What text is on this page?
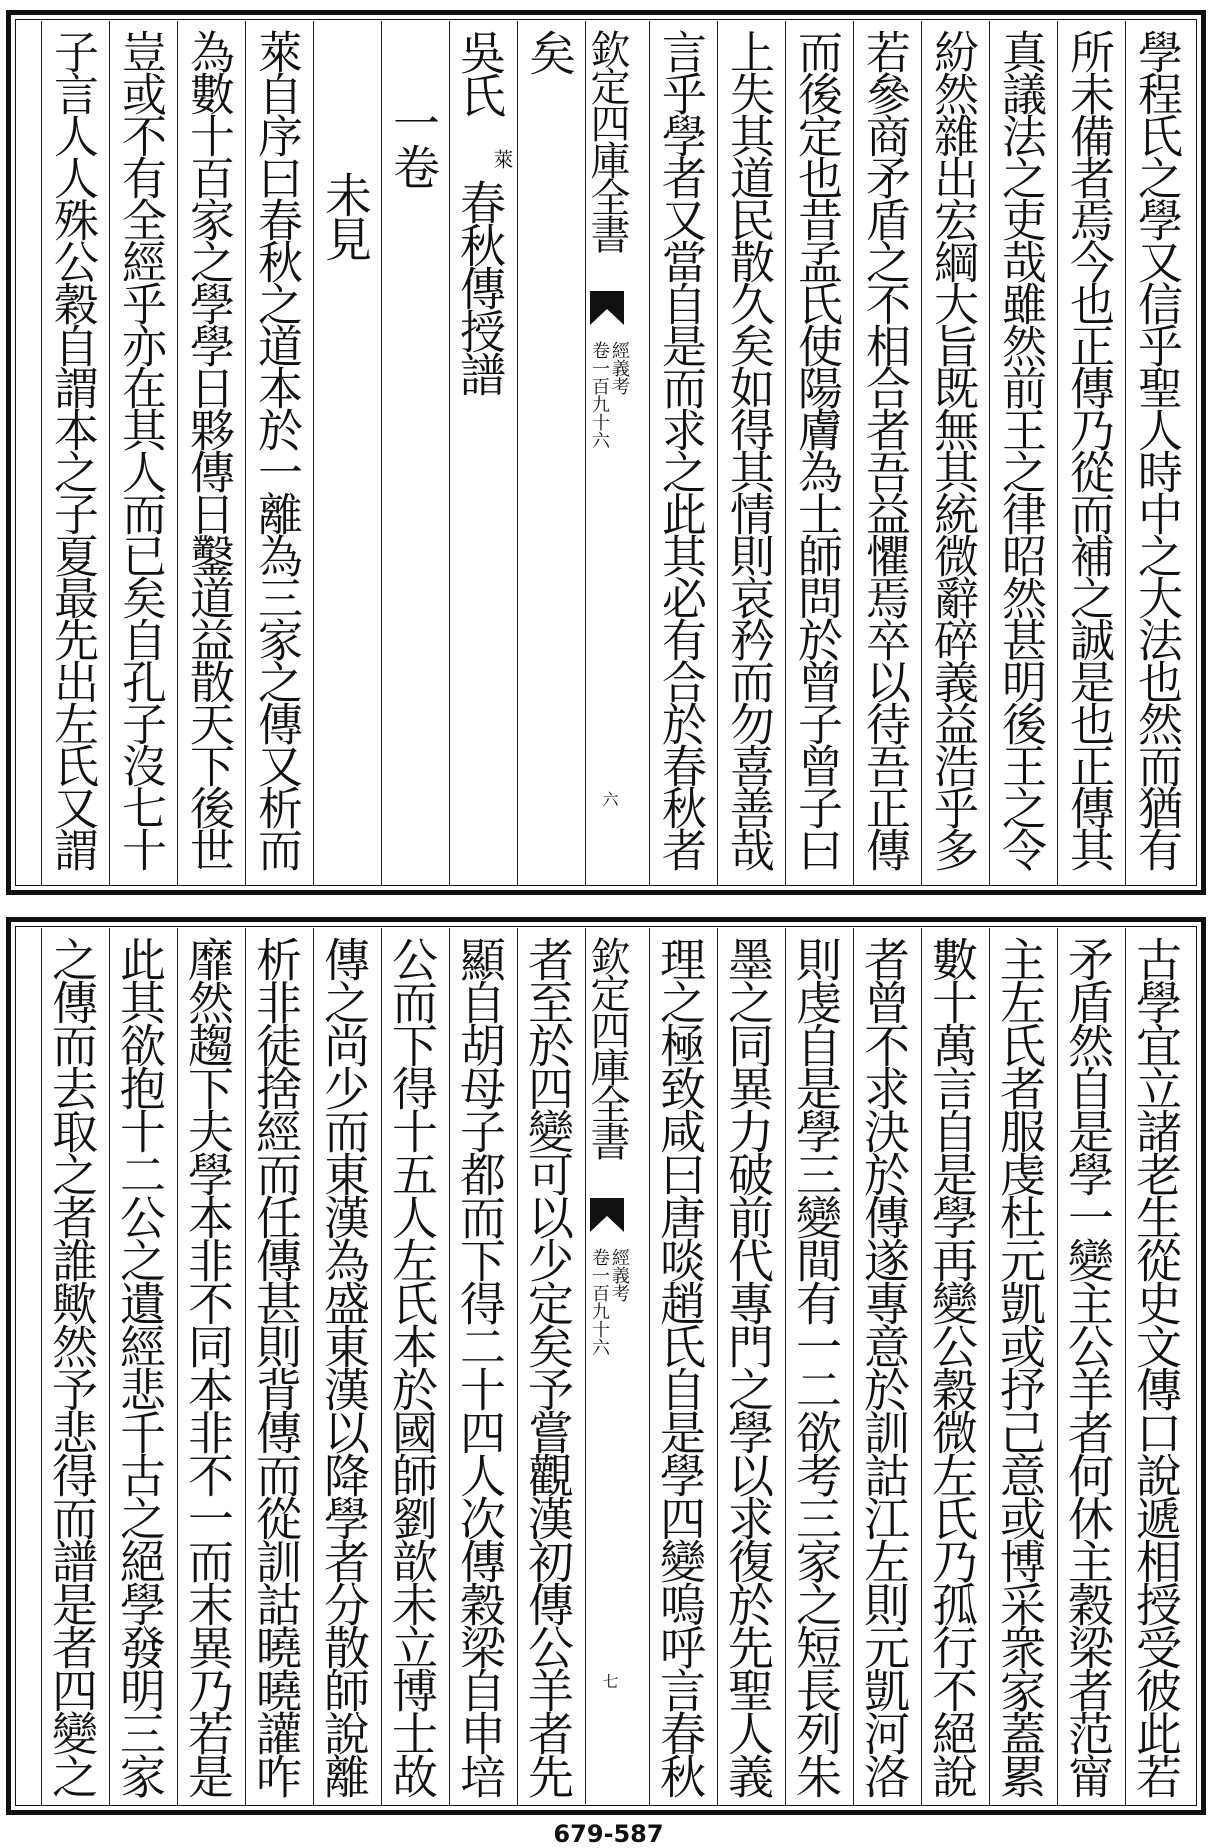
學程氏之學又信乎聖人時中之大法也然而猶有
所未備者焉今也正傳乃從而補之誠是也正傳其
真議法之吏哉雖然前王之律昭然甚明後王之令
紛然雜出宏綱大旨既無其統微辭碎義益浩乎多
若參商矛盾之不相合者吾益懼焉卒以待吾正傳
而後定也昔孟氏使陽膚為士師問於曾子曾子曰
上失其道民散久矣如得其情則哀矜而勿喜善哉
言乎學者又當自是而求之此其必有合於春秋者
欽定四庫全書
經義考
卷一百九十六
六
矣
吳氏
萊
春秋傳授譜
一卷
未見
萊自序曰春秋之道本於一離為三家之傳又析而
為數十百家之學學日夥傳日鑿道益散天下後世
豈或不有全經乎亦在其人而已矣自孔子沒七十
子言人人殊公穀自謂本之子夏最先出左氏又謂
古學宜立諸老生從史文傳口說遞相授受彼此若
矛盾然自是學一變主公羊者何休主穀梁者范甯
主左氏者服虔杜元凱或抒己意或博采衆家蓋累
數十萬言自是學再變公穀微左氏乃孤行不絕說
者曾不求決於傳遂專意於訓詁江左則元凱河洛
則虔自是學三變間有一二欲考三家之短長列朱
墨之同異力破前代專門之學以求復於先聖人義
理之極致咸曰唐啖趙氏自是學四變嗚呼言春秋
欽定四庫全書
經義考
卷一百九十六
七
者至於四變可以少定矣予嘗觀漢初傳公羊者先
顯自胡母子都而下得二十四人次傳穀梁自申培
公而下得十五人左氏本於國師劉歆未立博士故
傳之尚少而東漢為盛東漢以降學者分散師說離
析非徒捨經而任傳甚則背傳而從訓詁曉曉讙咋
靡然趨下夫學本非不同本非不一而末異乃若是
此其欲抱十二公之遺經悲千古之絕學發明三家
之傳而去取之者誰歟然予悲得而譜是者四變之
679-587
